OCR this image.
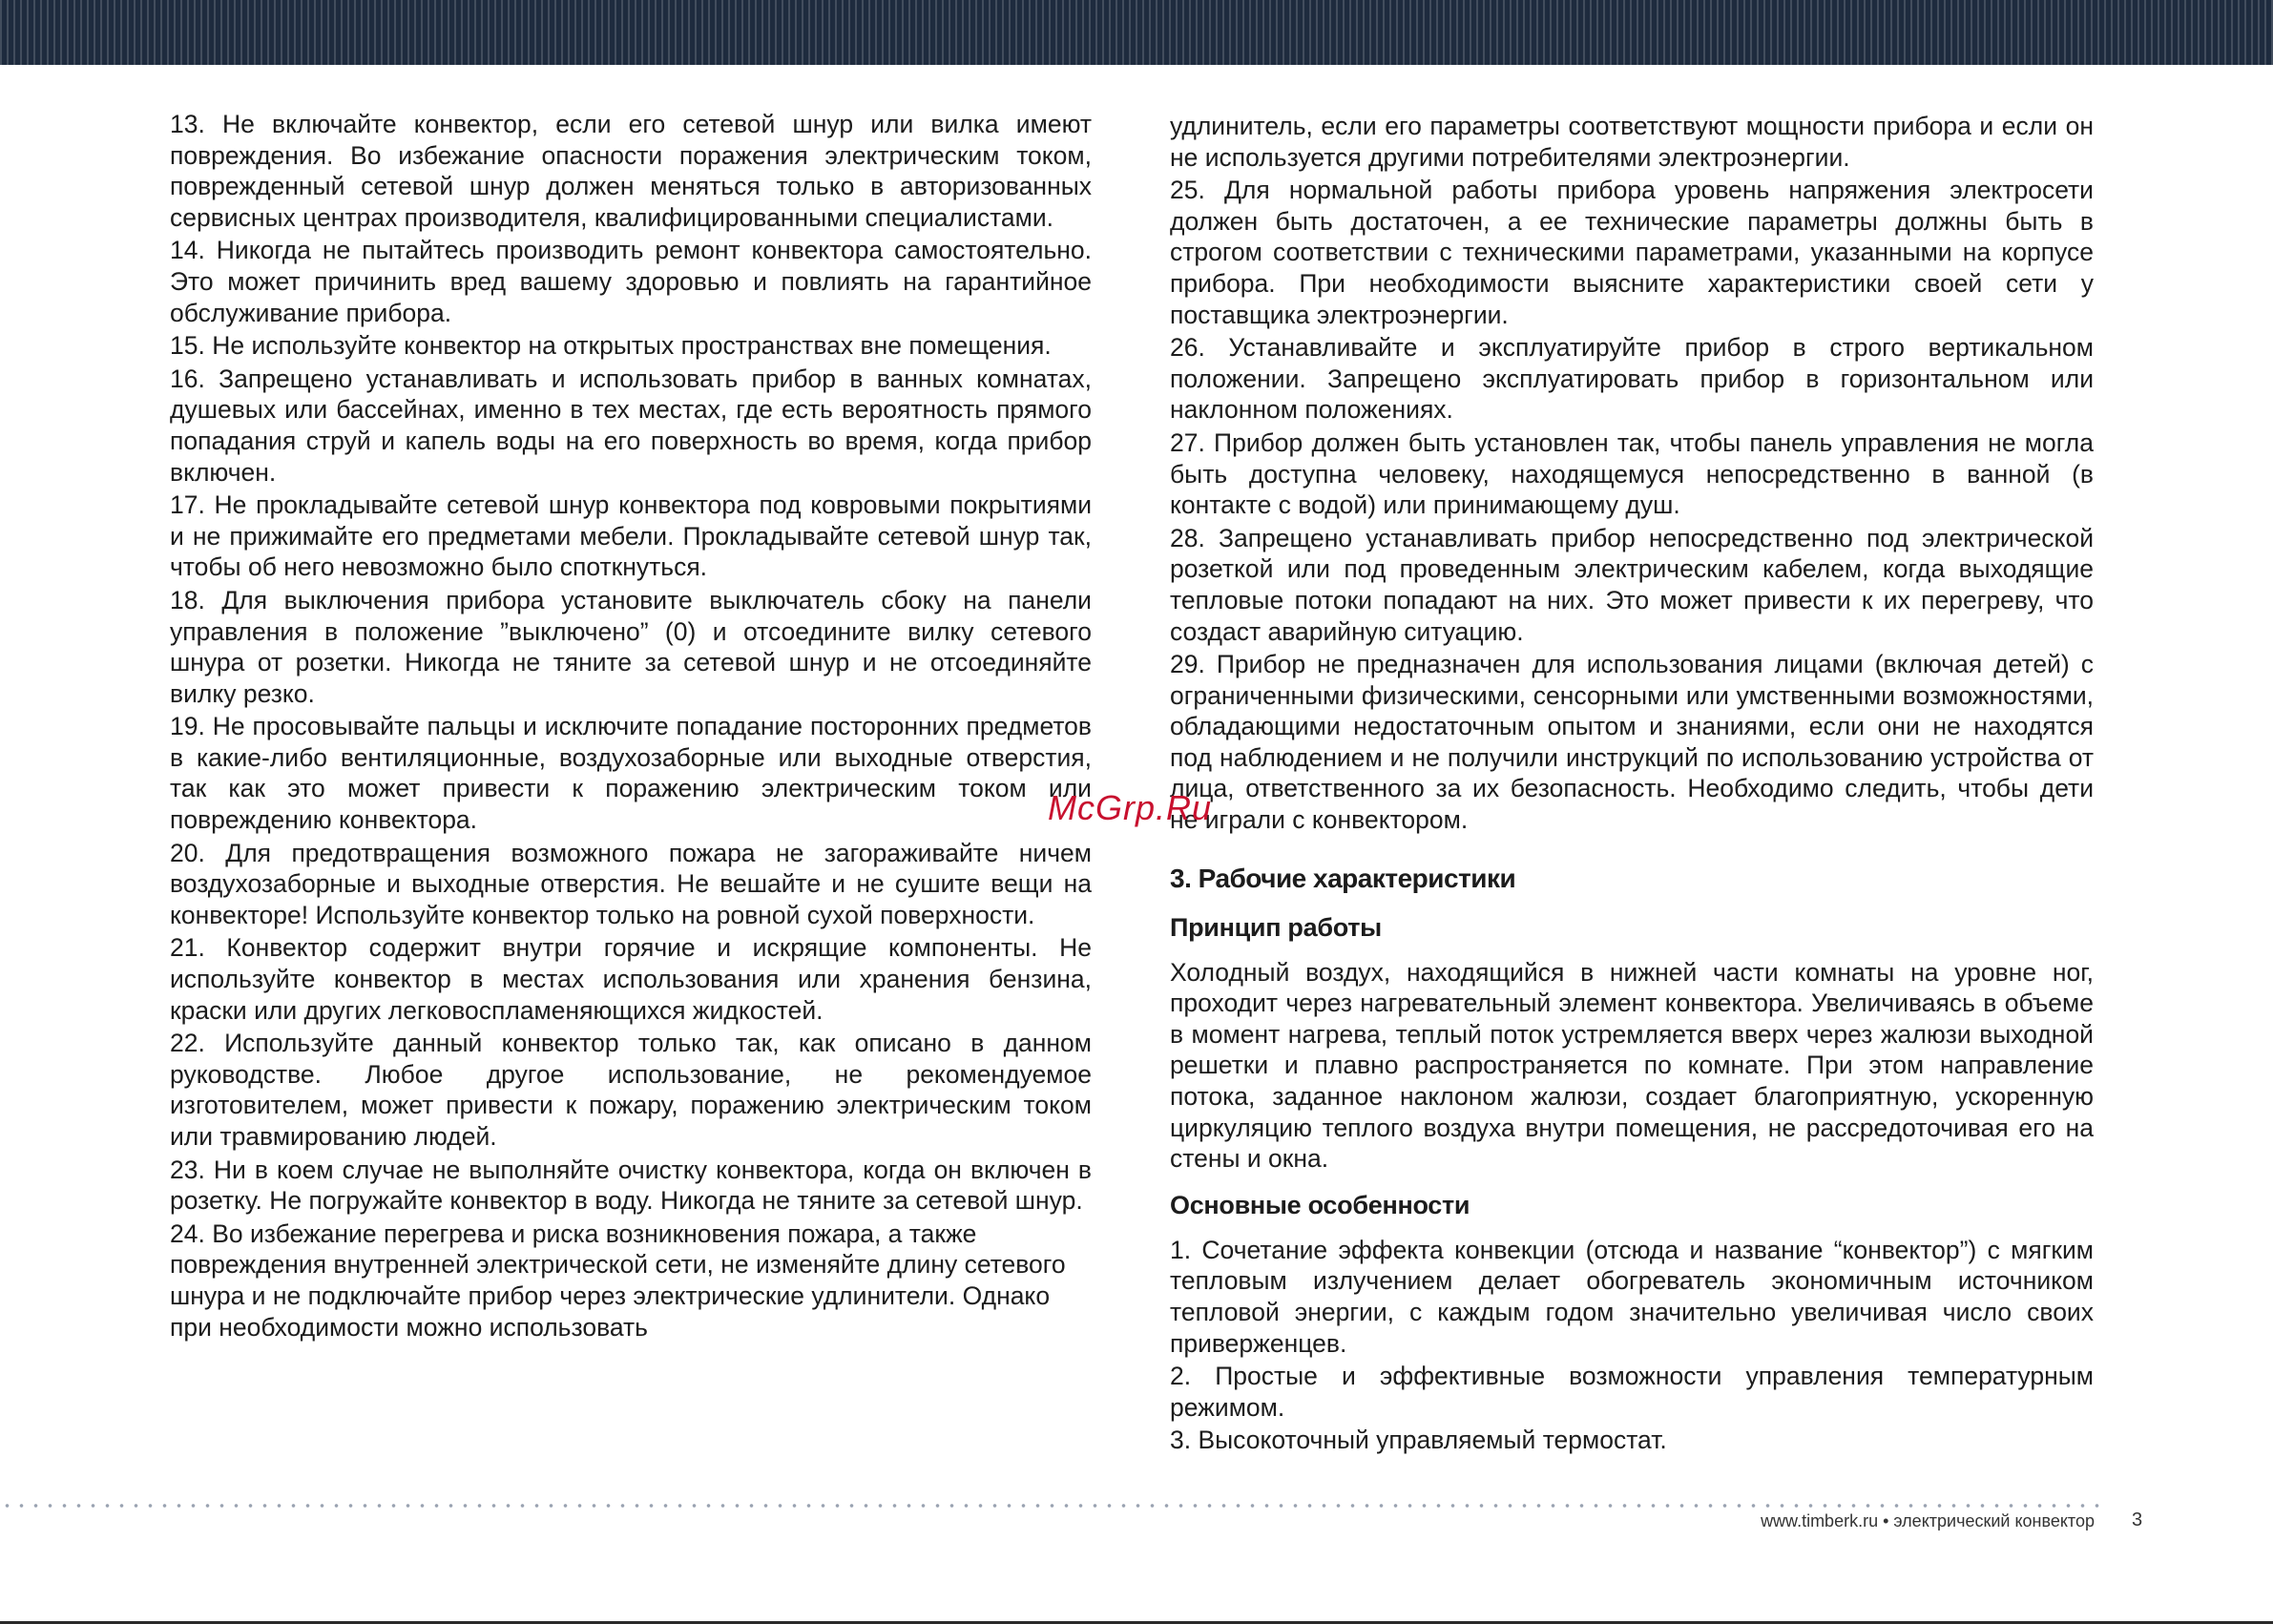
13. Не включайте конвектор, если его сетевой шнур или вилка имеют повреждения. Во избежание опасности поражения электрическим током, поврежденный сетевой шнур должен меняться только в авторизованных сервисных центрах производителя, квалифицированными специалистами.

14. Никогда не пытайтесь производить ремонт конвектора самостоятельно. Это может причинить вред вашему здоровью и повлиять на гарантийное обслуживание прибора.

15. Не используйте конвектор на открытых пространствах вне помещения.

16. Запрещено устанавливать и использовать прибор в ванных комнатах, душевых или бассейнах, именно в тех местах, где есть вероятность прямого попадания струй и капель воды на его поверхность во время, когда прибор включен.

17. Не прокладывайте сетевой шнур конвектора под ковровыми покрытиями и не прижимайте его предметами мебели. Прокладывайте сетевой шнур так, чтобы об него невозможно было споткнуться.

18. Для выключения прибора установите выключатель сбоку на панели управления в положение ”выключено” (0) и отсоедините вилку сетевого шнура от розетки. Никогда не тяните за сетевой шнур и не отсоединяйте вилку резко.

19. Не просовывайте пальцы и исключите попадание посторонних предметов в какие-либо вентиляционные, воздухозаборные или выходные отверстия, так как это может привести к поражению электрическим током или повреждению конвектора.

20. Для предотвращения возможного пожара не загораживайте ничем воздухозаборные и выходные отверстия. Не вешайте и не сушите вещи на конвекторе! Используйте конвектор только на ровной сухой поверхности.

21. Конвектор содержит внутри горячие и искрящие компоненты. Не используйте конвектор в местах использования или хранения бензина, краски или других легковоспламеняющихся жидкостей.

22. Используйте данный конвектор только так, как описано в данном руководстве. Любое другое использование, не рекомендуемое изготовителем, может привести к пожару, поражению электрическим током или травмированию людей.

23. Ни в коем случае не выполняйте очистку конвектора, когда он включен в розетку. Не погружайте конвектор в воду. Никогда не тяните за сетевой шнур.

24. Во избежание перегрева и риска возникновения пожара, а также повреждения внутренней электрической сети, не изменяйте длину сетевого шнура и не подключайте прибор через электрические удлинители. Однако при необходимости можно использовать

удлинитель, если его параметры соответствуют мощности прибора и если он не используется другими потребителями электроэнергии.

25. Для нормальной работы прибора уровень напряжения электросети должен быть достаточен, а ее технические параметры должны быть в строгом соответствии с техническими параметрами, указанными на корпусе прибора. При необходимости выясните характеристики своей сети у поставщика электроэнергии.

26. Устанавливайте и эксплуатируйте прибор в строго вертикальном положении. Запрещено эксплуатировать прибор в горизонтальном или наклонном положениях.

27. Прибор должен быть установлен так, чтобы панель управления не могла быть доступна человеку, находящемуся непосредственно в ванной (в контакте с водой) или принимающему душ.

28. Запрещено устанавливать прибор непосредственно под электрической розеткой или под проведенным электрическим кабелем, когда выходящие тепловые потоки попадают на них. Это может привести к их перегреву, что создаст аварийную ситуацию.

29. Прибор не предназначен для использования лицами (включая детей) с ограниченными физическими, сенсорными или умственными возможностями, обладающими недостаточным опытом и знаниями, если они не находятся под наблюдением и не получили инструкций по использованию устройства от лица, ответственного за их безопасность. Необходимо следить, чтобы дети не играли с конвектором.

3. Рабочие характеристики
Принцип работы

Холодный воздух, находящийся в нижней части комнаты на уровне ног, проходит через нагревательный элемент конвектора. Увеличиваясь в объеме в момент нагрева, теплый поток устремляется вверх через жалюзи выходной решетки и плавно распространяется по комнате. При этом направление потока, заданное наклоном жалюзи, создает благоприятную, ускоренную циркуляцию теплого воздуха внутри помещения, не рассредоточивая его на стены и окна.

Основные особенности

1. Сочетание эффекта конвекции (отсюда и название “конвектор”) с мягким тепловым излучением делает обогреватель экономичным источником тепловой энергии, с каждым годом значительно увеличивая число своих приверженцев.

2. Простые и эффективные возможности управления температурным режимом.

3. Высокоточный управляемый термостат.

McGrp.Ru
www.timberk.ru • электрический конвектор 3
